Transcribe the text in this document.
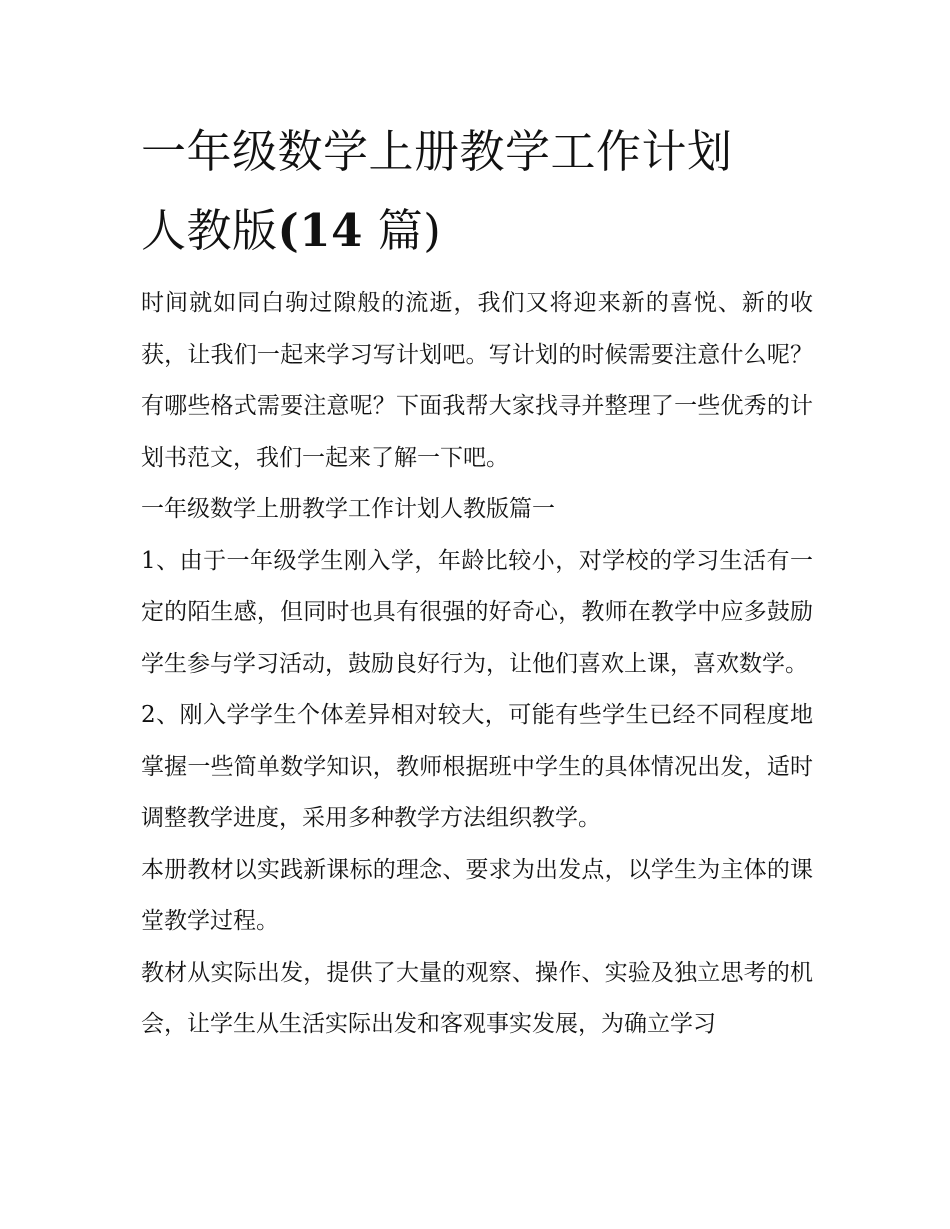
一年级数学上册教学工作计划
人教版(14 篇)

时间就如同白驹过隙般的流逝，我们又将迎来新的喜悦、新的收获，让我们一起来学习写计划吧。写计划的时候需要注意什么呢？有哪些格式需要注意呢？下面我帮大家找寻并整理了一些优秀的计划书范文，我们一起来了解一下吧。

一年级数学上册教学工作计划人教版篇一

1、由于一年级学生刚入学，年龄比较小，对学校的学习生活有一定的陌生感，但同时也具有很强的好奇心，教师在教学中应多鼓励学生参与学习活动，鼓励良好行为，让他们喜欢上课，喜欢数学。

2、刚入学学生个体差异相对较大，可能有些学生已经不同程度地掌握一些简单数学知识，教师根据班中学生的具体情况出发，适时调整教学进度，采用多种教学方法组织教学。

本册教材以实践新课标的理念、要求为出发点，以学生为主体的课堂教学过程。

教材从实际出发，提供了大量的观察、操作、实验及独立思考的机会，让学生从生活实际出发和客观事实发展，为确立学习
